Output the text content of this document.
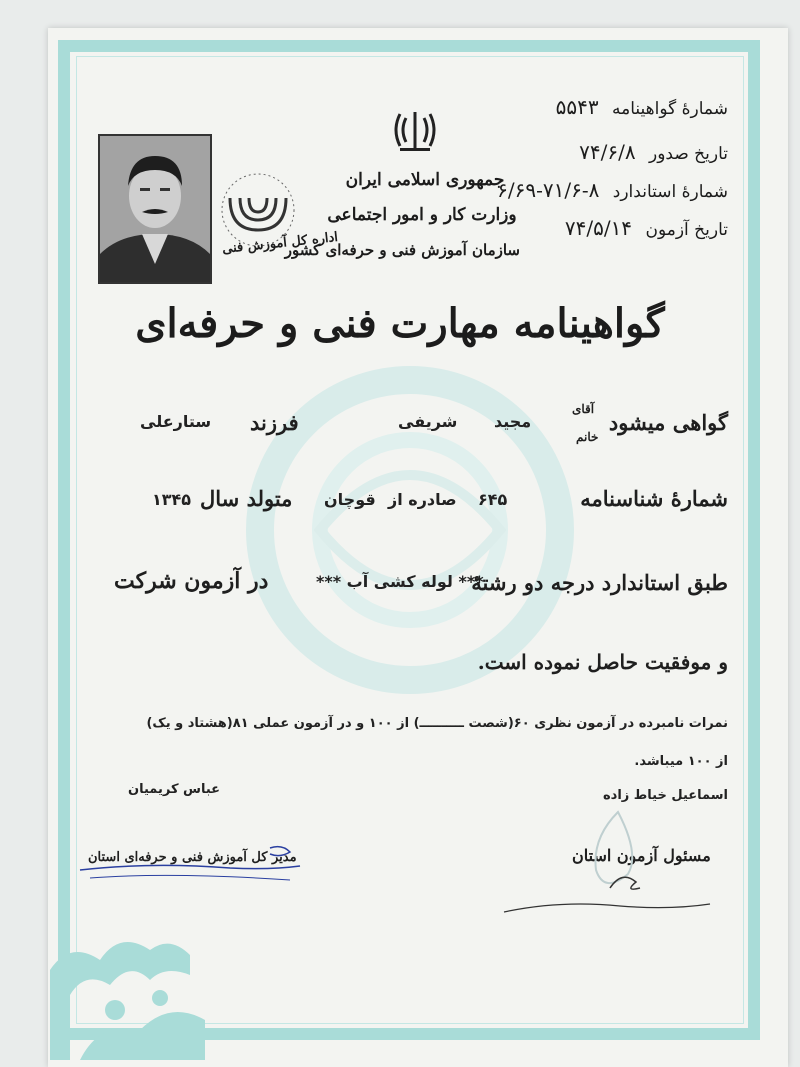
شمارهٔ گواهینامه ۵۵۴۳
تاریخ صدور ۷۴/۶/۸
شمارهٔ استاندارد ۸-۷۱/۶-۶/۶۹
تاریخ آزمون ۷۴/۵/۱۴
جمهوری اسلامی ایران
وزارت کار و امور اجتماعی
سازمان آموزش فنی و حرفه‌ای کشور
اداره کل آموزش فنی
گواهینامه مهارت فنی و حرفه‌ای
گواهی میشود
آقای
خانم
مجید
شریفی
فرزند
ستارعلی
شمارهٔ شناسنامه
۶۴۵
صادره از
قوچان
متولد سال
۱۳۴۵
طبق استاندارد درجه دو رشتهٔ
*** لوله کشی آب ***
در آزمون شرکت
و موفقیت حاصل نموده است.
نمرات نامبرده در آزمون نظری ۶۰(شصت ــــــــــ) از ۱۰۰ و در آزمون عملی ۸۱(هشتاد و یک)
از ۱۰۰ میباشد.
اسماعیل خیاط زاده
مسئول آزمون استان
عباس کریمیان
مدیر کل آموزش فنی و حرفه‌ای استان
